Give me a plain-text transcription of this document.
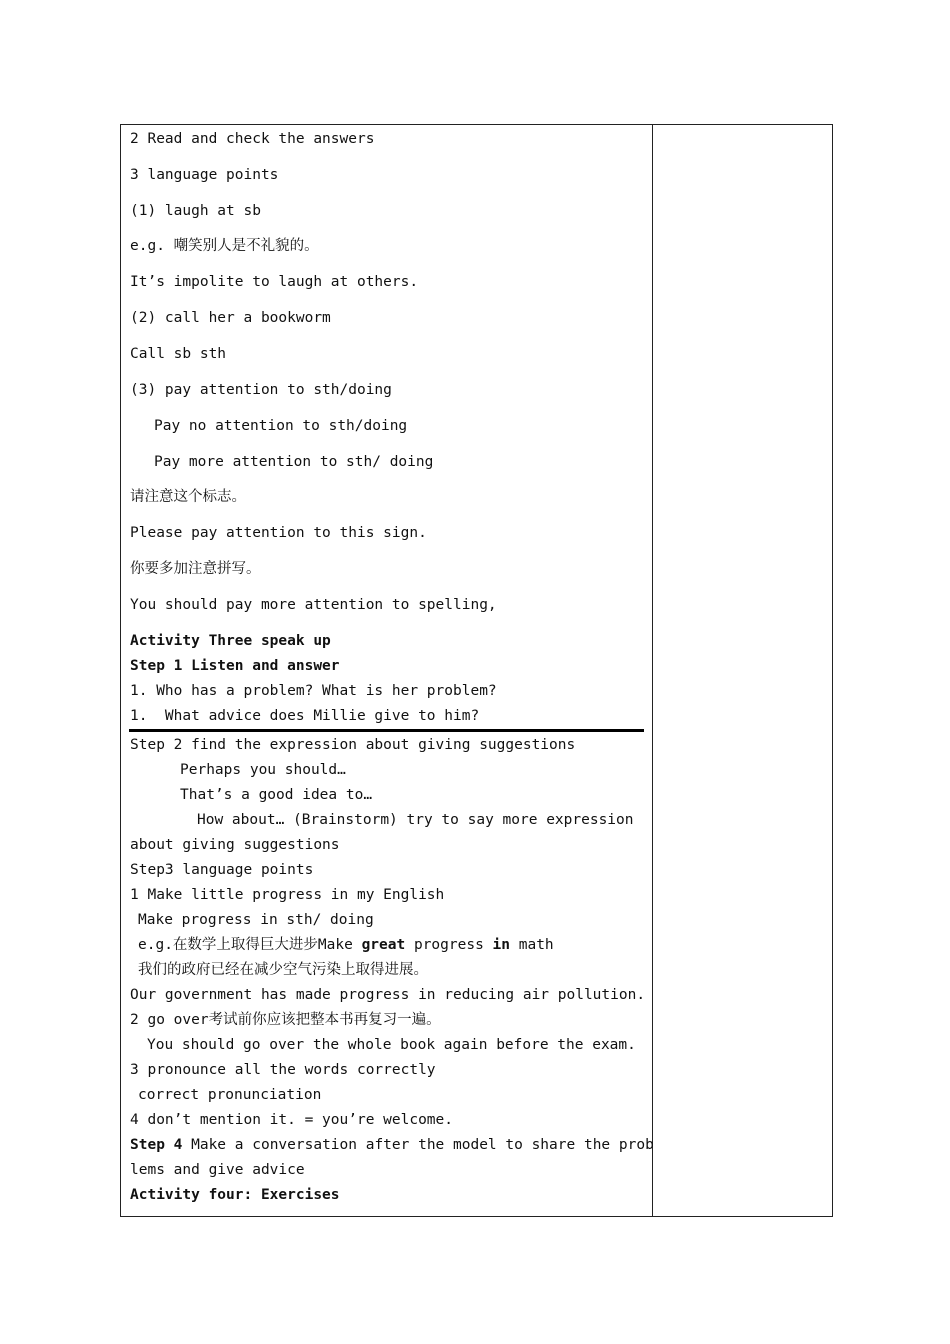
2 Read and check the answers
3 language points
(1) laugh at sb
e.g. 嘲笑别人是不礼貌的。
It’s impolite to laugh at others.
(2) call her a bookworm
Call sb sth
(3) pay attention to sth/doing
Pay no attention to sth/doing
Pay more attention to sth/ doing
请注意这个标志。
Please pay attention to this sign.
你要多加注意拼写。
You should pay more attention to spelling,
Activity Three speak up
Step 1 Listen and answer
1. Who has a problem? What is her problem?
1.  What advice does Millie give to him?
Step 2 find the expression about giving suggestions
Perhaps you should…
That’s a good idea to…
How about… (Brainstorm) try to say more expression
about giving suggestions
Step3 language points
1 Make little progress in my English
Make progress in sth/ doing
e.g.在数学上取得巨大进步Make great progress in math
我们的政府已经在减少空气污染上取得进展。
Our government has made progress in reducing air pollution.
2 go over考试前你应该把整本书再复习一遍。
You should go over the whole book again before the exam.
3 pronounce all the words correctly
correct pronunciation
4 don’t mention it. = you’re welcome.
Step 4 Make a conversation after the model to share the prob
lems and give advice
Activity four: Exercises
